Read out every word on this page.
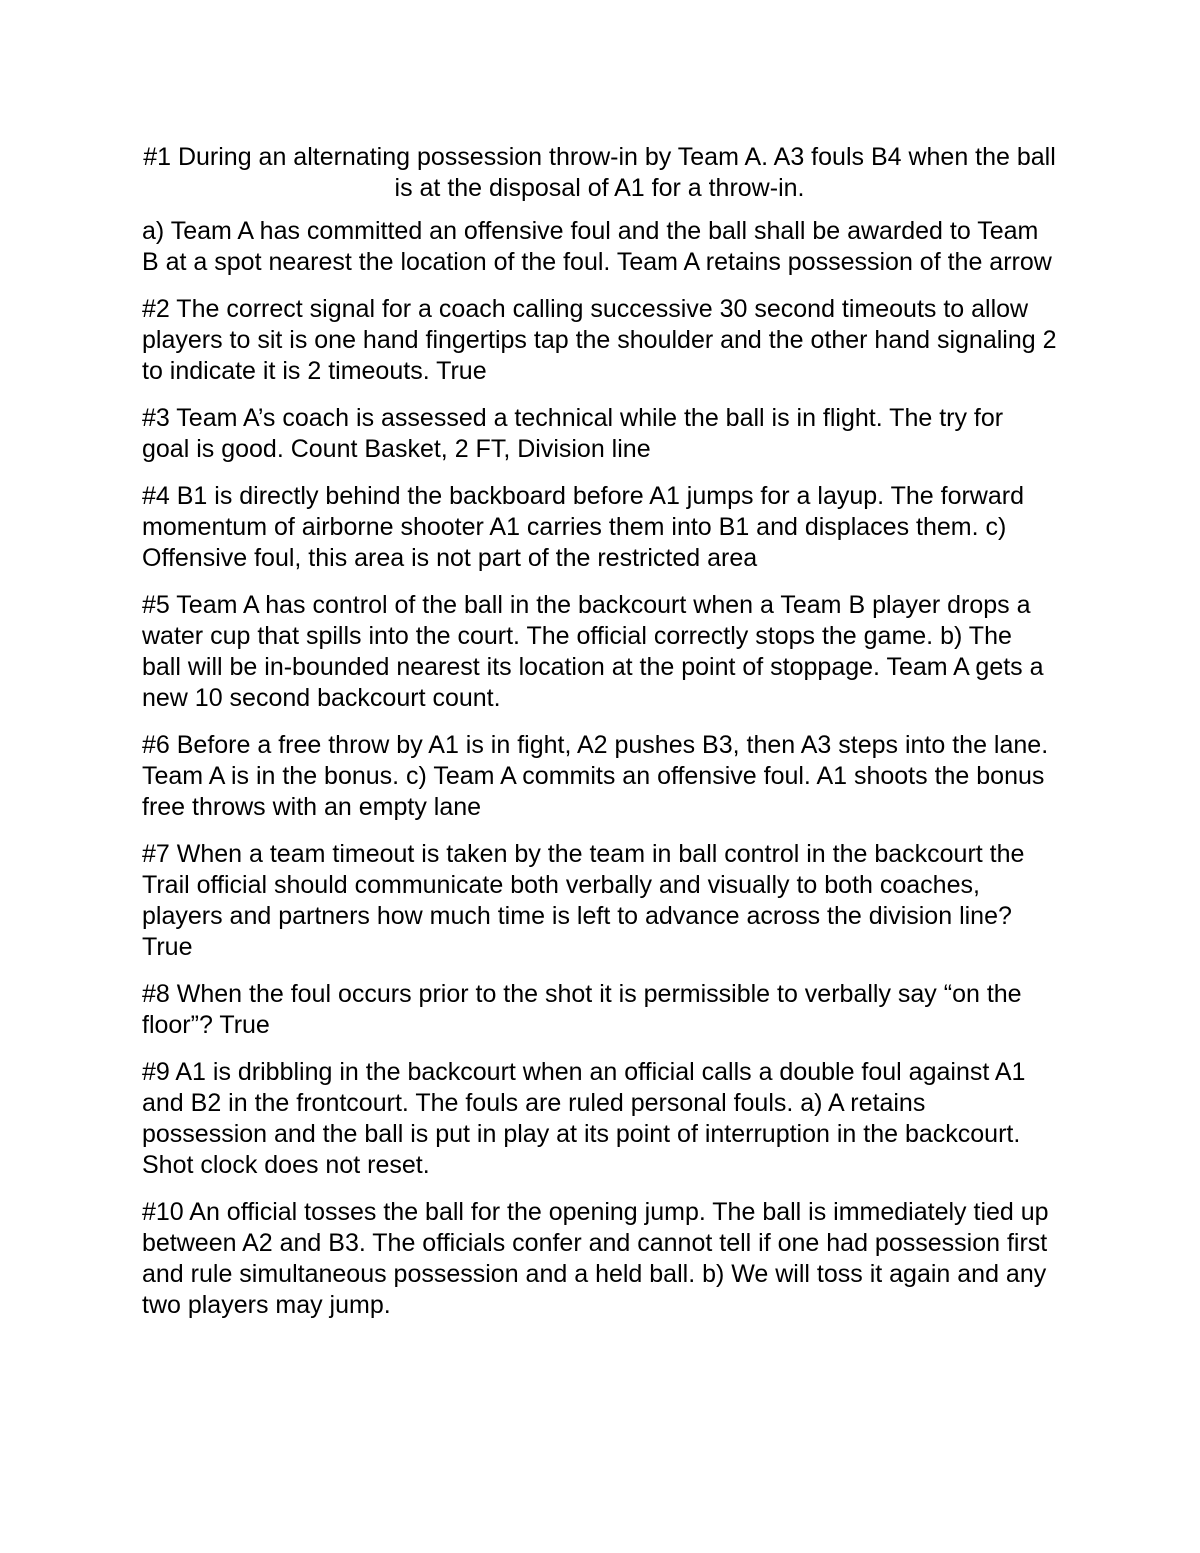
#1 During an alternating possession throw-in by Team A. A3 fouls B4 when the ball is at the disposal of A1 for a throw-in.

a) Team A has committed an offensive foul and the ball shall be awarded to Team B at a spot nearest the location of the foul. Team A retains possession of the arrow

#2 The correct signal for a coach calling successive 30 second timeouts to allow players to sit is one hand fingertips tap the shoulder and the other hand signaling 2 to indicate it is 2 timeouts. True

#3 Team A’s coach is assessed a technical while the ball is in flight. The try for goal is good. Count Basket, 2 FT, Division line

#4 B1 is directly behind the backboard before A1 jumps for a layup. The forward momentum of airborne shooter A1 carries them into B1 and displaces them. c) Offensive foul, this area is not part of the restricted area

#5 Team A has control of the ball in the backcourt when a Team B player drops a water cup that spills into the court. The official correctly stops the game. b) The ball will be in-bounded nearest its location at the point of stoppage. Team A gets a new 10 second backcourt count.

#6 Before a free throw by A1 is in fight, A2 pushes B3, then A3 steps into the lane. Team A is in the bonus. c) Team A commits an offensive foul. A1 shoots the bonus free throws with an empty lane

#7 When a team timeout is taken by the team in ball control in the backcourt the Trail official should communicate both verbally and visually to both coaches, players and partners how much time is left to advance across the division line? True

#8 When the foul occurs prior to the shot it is permissible to verbally say “on the floor”? True

#9 A1 is dribbling in the backcourt when an official calls a double foul against A1 and B2 in the frontcourt. The fouls are ruled personal fouls. a) A retains possession and the ball is put in play at its point of interruption in the backcourt. Shot clock does not reset.

#10 An official tosses the ball for the opening jump. The ball is immediately tied up between A2 and B3. The officials confer and cannot tell if one had possession first and rule simultaneous possession and a held ball. b) We will toss it again and any two players may jump.
